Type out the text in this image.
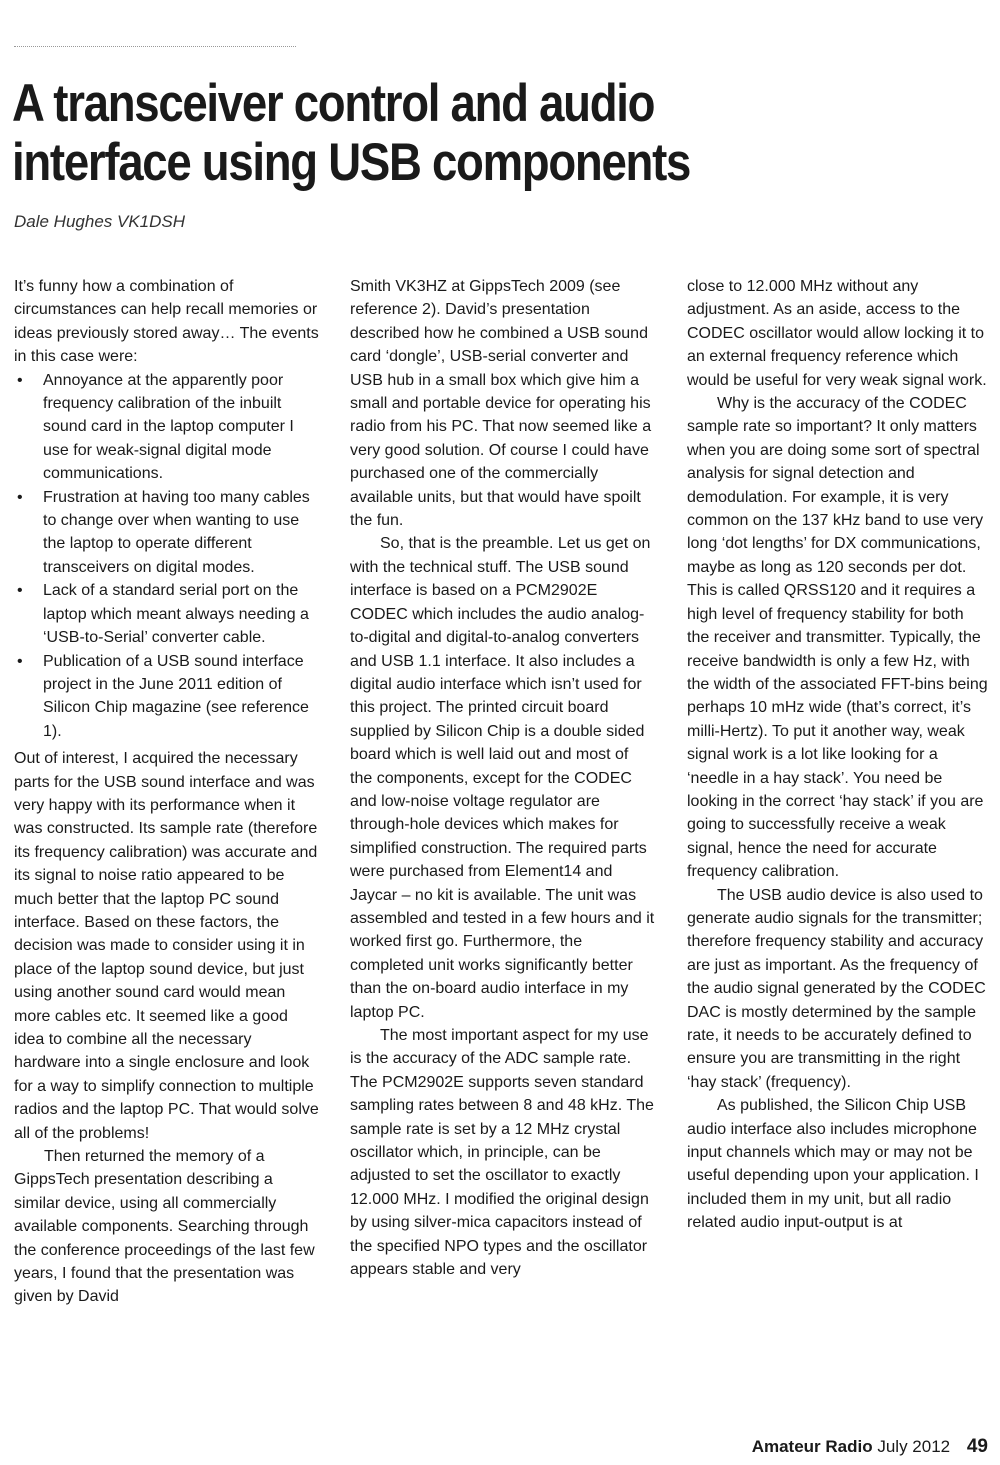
A transceiver control and audio
interface using USB components
Dale Hughes VK1DSH

It’s funny how a combination of circumstances can help recall memories or ideas previously stored away… The events in this case were:

• Annoyance at the apparently poor frequency calibration of the inbuilt sound card in the laptop computer I use for weak-signal digital mode communications.
• Frustration at having too many cables to change over when wanting to use the laptop to operate different transceivers on digital modes.
• Lack of a standard serial port on the laptop which meant always needing a ‘USB-to-Serial’ converter cable.
• Publication of a USB sound interface project in the June 2011 edition of Silicon Chip magazine (see reference 1).

Out of interest, I acquired the necessary parts for the USB sound interface and was very happy with its performance when it was constructed. Its sample rate (therefore its frequency calibration) was accurate and its signal to noise ratio appeared to be much better that the laptop PC sound interface. Based on these factors, the decision was made to consider using it in place of the laptop sound device, but just using another sound card would mean more cables etc. It seemed like a good idea to combine all the necessary hardware into a single enclosure and look for a way to simplify connection to multiple radios and the laptop PC. That would solve all of the problems!

Then returned the memory of a GippsTech presentation describing a similar device, using all commercially available components. Searching through the conference proceedings of the last few years, I found that the presentation was given by David

Smith VK3HZ at GippsTech 2009 (see reference 2). David’s presentation described how he combined a USB sound card ‘dongle’, USB-serial converter and USB hub in a small box which give him a small and portable device for operating his radio from his PC. That now seemed like a very good solution. Of course I could have purchased one of the commercially available units, but that would have spoilt the fun.

So, that is the preamble. Let us get on with the technical stuff. The USB sound interface is based on a PCM2902E CODEC which includes the audio analog-to-digital and digital-to-analog converters and USB 1.1 interface. It also includes a digital audio interface which isn’t used for this project. The printed circuit board supplied by Silicon Chip is a double sided board which is well laid out and most of the components, except for the CODEC and low-noise voltage regulator are through-hole devices which makes for simplified construction. The required parts were purchased from Element14 and Jaycar – no kit is available. The unit was assembled and tested in a few hours and it worked first go. Furthermore, the completed unit works significantly better than the on-board audio interface in my laptop PC.

The most important aspect for my use is the accuracy of the ADC sample rate. The PCM2902E supports seven standard sampling rates between 8 and 48 kHz. The sample rate is set by a 12 MHz crystal oscillator which, in principle, can be adjusted to set the oscillator to exactly 12.000 MHz. I modified the original design by using silver-mica capacitors instead of the specified NPO types and the oscillator appears stable and very

close to 12.000 MHz without any adjustment. As an aside, access to the CODEC oscillator would allow locking it to an external frequency reference which would be useful for very weak signal work.

Why is the accuracy of the CODEC sample rate so important? It only matters when you are doing some sort of spectral analysis for signal detection and demodulation. For example, it is very common on the 137 kHz band to use very long ‘dot lengths’ for DX communications, maybe as long as 120 seconds per dot. This is called QRSS120 and it requires a high level of frequency stability for both the receiver and transmitter. Typically, the receive bandwidth is only a few Hz, with the width of the associated FFT-bins being perhaps 10 mHz wide (that’s correct, it’s milli-Hertz). To put it another way, weak signal work is a lot like looking for a ‘needle in a hay stack’. You need be looking in the correct ‘hay stack’ if you are going to successfully receive a weak signal, hence the need for accurate frequency calibration.

The USB audio device is also used to generate audio signals for the transmitter; therefore frequency stability and accuracy are just as important. As the frequency of the audio signal generated by the CODEC DAC is mostly determined by the sample rate, it needs to be accurately defined to ensure you are transmitting in the right ‘hay stack’ (frequency).

As published, the Silicon Chip USB audio interface also includes microphone input channels which may or may not be useful depending upon your application. I included them in my unit, but all radio related audio input-output is at

Amateur Radio July 2012 49
